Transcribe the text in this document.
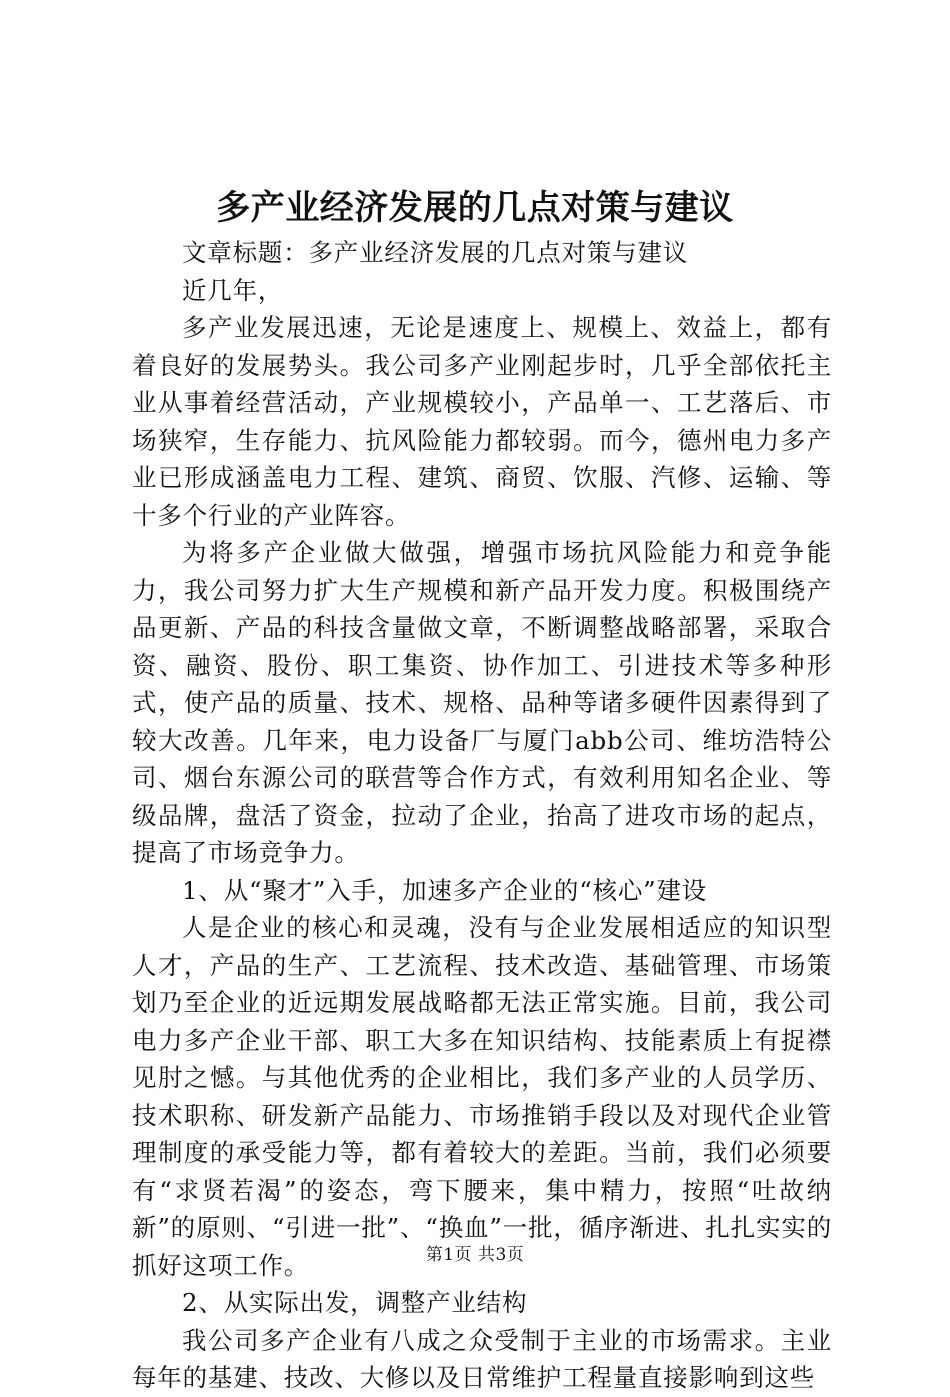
多产业经济发展的几点对策与建议

文章标题：多产业经济发展的几点对策与建议

近几年，

多产业发展迅速，无论是速度上、规模上、效益上，都有着良好的发展势头。我公司多产业刚起步时，几乎全部依托主业从事着经营活动，产业规模较小，产品单一、工艺落后、市场狭窄，生存能力、抗风险能力都较弱。而今，德州电力多产业已形成涵盖电力工程、建筑、商贸、饮服、汽修、运输、等十多个行业的产业阵容。

为将多产企业做大做强，增强市场抗风险能力和竞争能力，我公司努力扩大生产规模和新产品开发力度。积极围绕产品更新、产品的科技含量做文章，不断调整战略部署，采取合资、融资、股份、职工集资、协作加工、引进技术等多种形式，使产品的质量、技术、规格、品种等诸多硬件因素得到了较大改善。几年来，电力设备厂与厦门abb公司、维坊浩特公司、烟台东源公司的联营等合作方式，有效利用知名企业、等级品牌，盘活了资金，拉动了企业，抬高了进攻市场的起点，提高了市场竞争力。

1、从“聚才”入手，加速多产企业的“核心”建设

人是企业的核心和灵魂，没有与企业发展相适应的知识型人才，产品的生产、工艺流程、技术改造、基础管理、市场策划乃至企业的近远期发展战略都无法正常实施。目前，我公司电力多产企业干部、职工大多在知识结构、技能素质上有捉襟见肘之憾。与其他优秀的企业相比，我们多产业的人员学历、技术职称、研发新产品能力、市场推销手段以及对现代企业管理制度的承受能力等，都有着较大的差距。当前，我们必须要有“求贤若渴”的姿态，弯下腰来，集中精力，按照“吐故纳新”的原则、“引进一批”、“换血”一批，循序渐进、扎扎实实的抓好这项工作。

2、从实际出发，调整产业结构

我公司多产企业有八成之众受制于主业的市场需求。主业每年的基建、技改、大修以及日常维护工程量直接影响到这些

第1页 共3页
